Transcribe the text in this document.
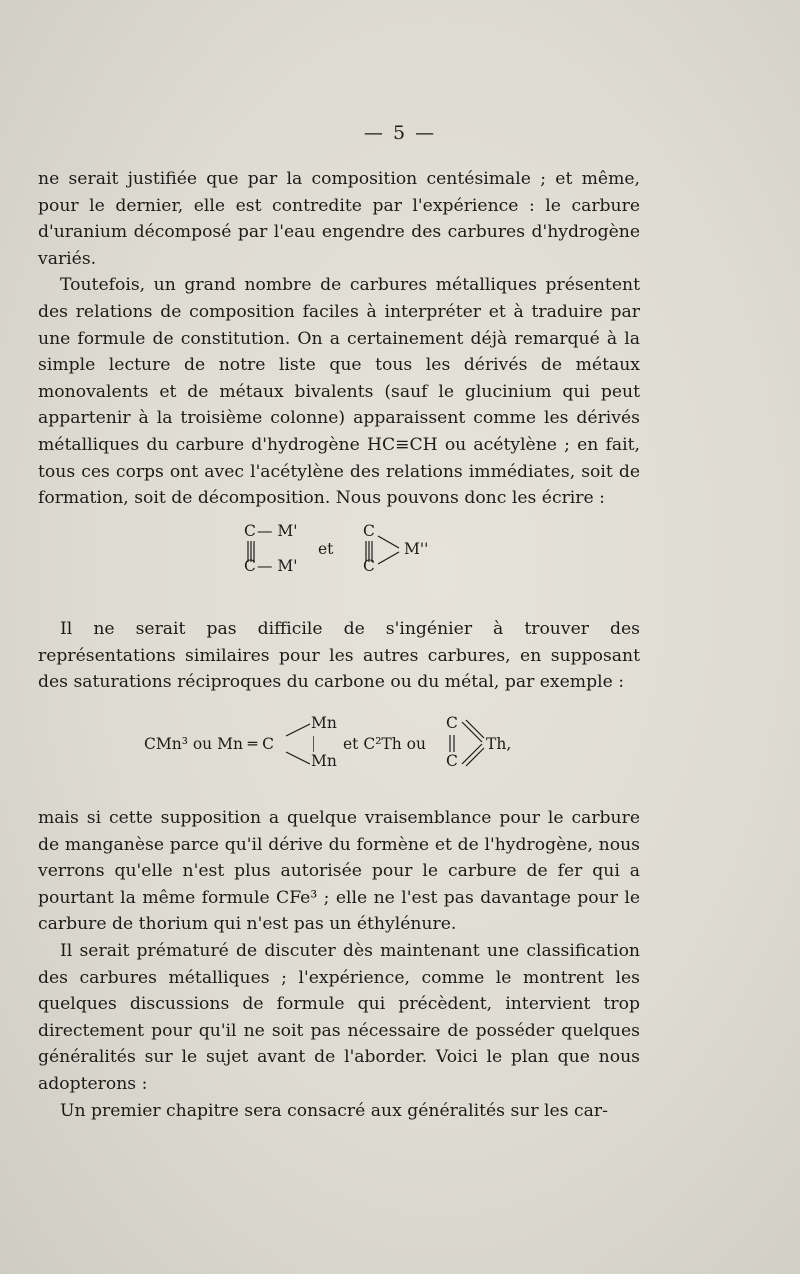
— 5 —

ne serait justifiée que par la composition centésimale ; et même, pour le dernier, elle est contredite par l'expérience : le carbure d'uranium décomposé par l'eau engendre des carbures d'hydrogène variés.

Toutefois, un grand nombre de carbures métalliques présentent des relations de composition faciles à interpréter et à traduire par une formule de constitution. On a certainement déjà remarqué à la simple lecture de notre liste que tous les dérivés de métaux monovalents et de métaux bivalents (sauf le glucinium qui peut appartenir à la troisième colonne) apparaissent comme les dérivés métalliques du carbure d'hydrogène HC≡CH ou acétylène ; en fait, tous ces corps ont avec l'acétylène des relations immédiates, soit de formation, soit de décomposition. Nous pouvons donc les écrire :

C — M'
C — M'
et
C
C
M''

Il ne serait pas difficile de s'ingénier à trouver des représentations similaires pour les autres carbures, en supposant des saturations réciproques du carbone ou du métal, par exemple :

CMn³ ou Mn ═ C
Mn
Mn
et C²Th ou
C
C
Th,

mais si cette supposition a quelque vraisemblance pour le carbure de manganèse parce qu'il dérive du formène et de l'hydrogène, nous verrons qu'elle n'est plus autorisée pour le carbure de fer qui a pourtant la même formule CFe³ ; elle ne l'est pas davantage pour le carbure de thorium qui n'est pas un éthylénure.

Il serait prématuré de discuter dès maintenant une classification des carbures métalliques ; l'expérience, comme le montrent les quelques discussions de formule qui précèdent, intervient trop directement pour qu'il ne soit pas nécessaire de posséder quelques généralités sur le sujet avant de l'aborder. Voici le plan que nous adopterons :

Un premier chapitre sera consacré aux généralités sur les car-
